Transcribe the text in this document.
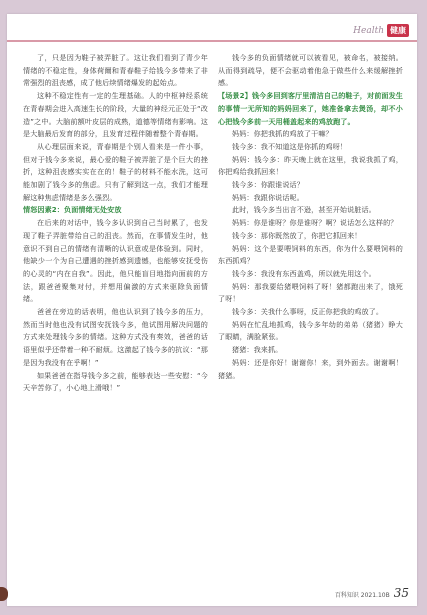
Health 健康

了，只是因为鞋子被弄脏了。这让我们看到了青少年情绪的不稳定性，身体荷爾和青春鞋子给钱今多带来了非常强烈的沮丧感，成了他后续情绪爆发的起始点。

这种不稳定性有一定的生理基础。人的中枢神经系统在青春期会进入高速生长的阶段，大量的神经元正处于“改造”之中。大脑前额叶皮层的成熟，道德等情绪有影响。这是大脑最后发育的部分，且发育过程伴随着整个青春期。

从心理层面来说，青春期是个别人看来是一件小事，但对于钱今多来说，最心爱的鞋子被弄脏了是个巨大的挫折，这种沮丧感实实在在的！鞋子的材料不能水洗，这可能加剧了钱今多的焦虑。只有了解到这一点，我们才能理解这种焦虑情绪是多么强烈。

情怒因素2：负面情绪无处安放

在后来的对话中，钱今多认识到自己当时累了，也发现了鞋子弄脏带给自己的沮丧。然而，在事情发生时，他意识不到自己的情绪有清晰的认识意或是体验到。同时，他缺少一个为自己遭遇的挫折感到遗憾，也能够安抚受伤的心灵的“内在自我”。因此，他只能盲目地指向面前的方法，跟爸爸聚集对付，并想用偏激的方式来驱除负面情绪。

爸爸在旁边的话表明，他也认识到了钱今多的压力，然而当时他也没有试图安抚钱今多，他试图用解决问题的方式来处理钱今多的情绪。这种方式没有奏效，爸爸的话语里似乎还带着一种不耐烦。这激起了钱今多的抗议：“那是因为我没有在乎啊！”

如果爸爸在指导钱今多之前，能够表达一些安慰：“今天辛苦你了，小心地上滑哦！”

钱今多的负面情绪就可以被看见，被命名，被接纳。从而得到疏导，便不会驱动着他急于做些什么来缓解挫折感。

【场景2】钱今多回到客厅里清洁自己的鞋子，对前面发生的事情一无所知的妈妈回来了，她准备拿去煲汤，却不小心把钱今多前一天用桶盖起来的鸡放跑了。

妈妈：你把我抓的鸡放了干嘛？

钱今多：我不知道这是你抓的鸡呀！

妈妈：钱今多：昨天晚上就在这里，我说我抓了鸡，你把鸡给我抓回来！

钱今多：你跟谁说话？

妈妈：我跟你说话呢。

此时，钱今多当出言不逊，甚至开始说脏话。

妈妈：你是谁呀？你是谁呀？啊？说话怎么这样的？

钱今多：那你既然放了，你把它抓回来！

妈妈：这个是要喂饲料的东西，你为什么要喂饲料的东西抓鸡？

钱今多：我没有东西盖鸡，所以就先用这个。

妈妈：那我要给猪喂饲料了呀！猪都跑出来了，饿死了呀！

钱今多：关我什么事呀，反正你把我的鸡放了。

妈妈在忙乱地抓鸡，钱今多年幼的弟弟（猪猪）睁大了眼睛，满脸紧张。

猪猪：我来抓。

妈妈：还是你好！谢谢你！来，到外面去。谢谢啊！猪猪。

百科知识 2021.10B 35
